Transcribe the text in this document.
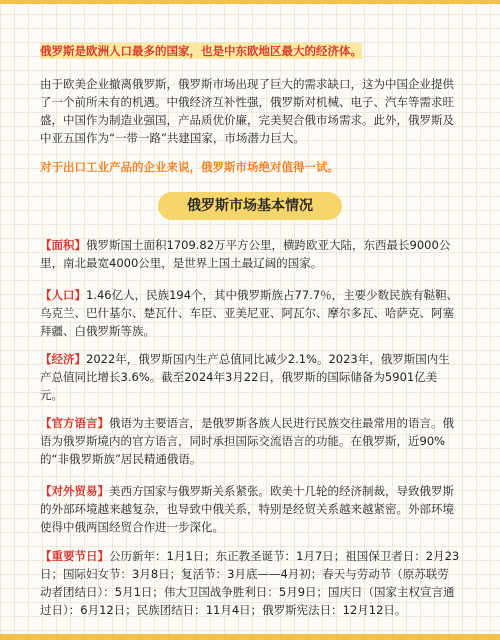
俄罗斯是欧洲人口最多的国家，也是中东欧地区最大的经济体。
由于欧美企业撤离俄罗斯，俄罗斯市场出现了巨大的需求缺口，这为中国企业提供了一个前所未有的机遇。中俄经济互补性强，俄罗斯对机械、电子、汽车等需求旺盛，中国作为制造业强国，产品质优价廉，完美契合俄市场需求。此外，俄罗斯及中亚五国作为“一带一路”共建国家，市场潜力巨大。
对于出口工业产品的企业来说，俄罗斯市场绝对值得一试。
俄罗斯市场基本情况
【面积】俄罗斯国土面积1709.82万平方公里，横跨欧亚大陆，东西最长9000公里，南北最宽4000公里，是世界上国土最辽阔的国家。
【人口】1.46亿人，民族194个，其中俄罗斯族占77.7％，主要少数民族有鞑靼、乌克兰、巴什基尔、楚瓦什、车臣、亚美尼亚、阿瓦尔、摩尔多瓦、哈萨克、阿塞拜疆、白俄罗斯等族。
【经济】2022年，俄罗斯国内生产总值同比减少2.1%。2023年，俄罗斯国内生产总值同比增长3.6%。截至2024年3月22日，俄罗斯的国际储备为5901亿美元。
【官方语言】俄语为主要语言，是俄罗斯各族人民进行民族交往最常用的语言。俄语为俄罗斯境内的官方语言，同时承担国际交流语言的功能。在俄罗斯，近90%的“非俄罗斯族”居民精通俄语。
【对外贸易】美西方国家与俄罗斯关系紧张。欧美十几轮的经济制裁，导致俄罗斯的外部环境越来越复杂，也导致中俄关系，特别是经贸关系越来越紧密。外部环境使得中俄两国经贸合作进一步深化。
【重要节日】公历新年：1月1日；东正教圣诞节：1月7日；祖国保卫者日：2月23日；国际妇女节：3月8日；复活节：3月底——4月初；春天与劳动节（原苏联劳动者团结日）：5月1日；伟大卫国战争胜利日：5月9日；国庆日（国家主权宣言通过日）：6月12日；民族团结日：11月4日；俄罗斯宪法日：12月12日。
